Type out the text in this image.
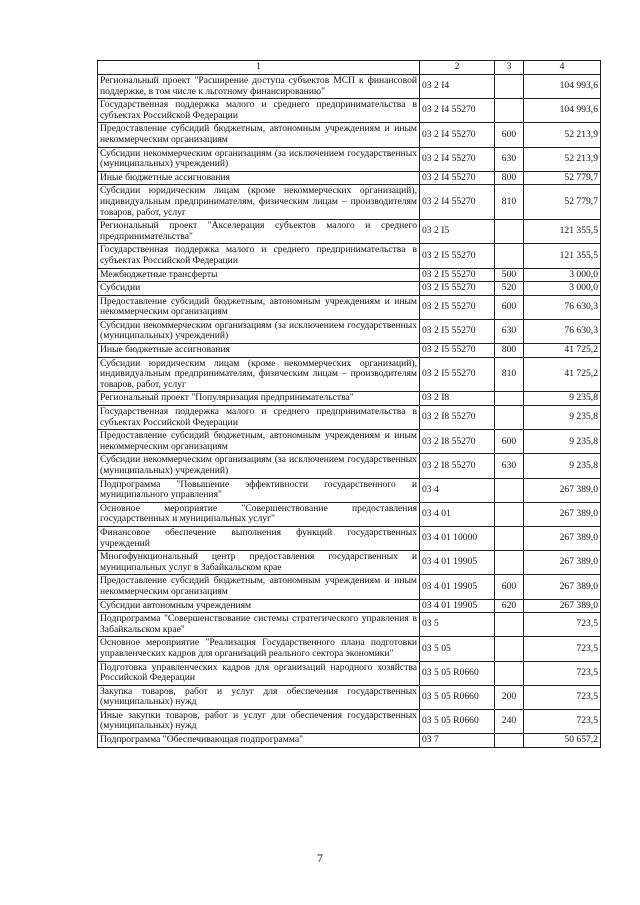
1	2	3	4
Региональный проект "Расширение доступа субъектов МСП к финансовой поддержке, в том числе к льготному финансированию"	03 2 I4		104 993,6
Государственная поддержка малого и среднего предпринимательства в субъектах Российской Федерации	03 2 I4 55270		104 993,6
Предоставление субсидий бюджетным, автономным учреждениям и иным некоммерческим организациям	03 2 I4 55270	600	52 213,9
Субсидии некоммерческим организациям (за исключением государственных (муниципальных) учреждений)	03 2 I4 55270	630	52 213,9
Иные бюджетные ассигнования	03 2 I4 55270	800	52 779,7
Субсидии юридическим лицам (кроме некоммерческих организаций), индивидуальным предпринимателям, физическим лицам – производителям товаров, работ, услуг	03 2 I4 55270	810	52 779,7
Региональный проект "Акселерация субъектов малого и среднего предпринимательства"	03 2 I5		121 355,5
Государственная поддержка малого и среднего предпринимательства в субъектах Российской Федерации	03 2 I5 55270		121 355,5
Межбюджетные трансферты	03 2 I5 55270	500	3 000,0
Субсидии	03 2 I5 55270	520	3 000,0
Предоставление субсидий бюджетным, автономным учреждениям и иным некоммерческим организациям	03 2 I5 55270	600	76 630,3
Субсидии некоммерческим организациям (за исключением государственных (муниципальных) учреждений)	03 2 I5 55270	630	76 630,3
Иные бюджетные ассигнования	03 2 I5 55270	800	41 725,2
Субсидии юридическим лицам (кроме некоммерческих организаций), индивидуальным предпринимателям, физическим лицам – производителям товаров, работ, услуг	03 2 I5 55270	810	41 725,2
Региональный проект "Популяризация предпринимательства"	03 2 I8		9 235,8
Государственная поддержка малого и среднего предпринимательства в субъектах Российской Федерации	03 2 I8 55270		9 235,8
Предоставление субсидий бюджетным, автономным учреждениям и иным некоммерческим организациям	03 2 I8 55270	600	9 235,8
Субсидии некоммерческим организациям (за исключением государственных (муниципальных) учреждений)	03 2 I8 55270	630	9 235,8
Подпрограмма "Повышение эффективности государственного и муниципального управления"	03 4		267 389,0
Основное мероприятие "Совершенствование предоставления государственных и муниципальных услуг"	03 4 01		267 389,0
Финансовое обеспечение выполнения функций государственных учреждений	03 4 01 10000		267 389,0
Многофункциональный центр предоставления государственных и муниципальных услуг в Забайкальском крае	03 4 01 19905		267 389,0
Предоставление субсидий бюджетным, автономным учреждениям и иным некоммерческим организациям	03 4 01 19905	600	267 389,0
Субсидии автономным учреждениям	03 4 01 19905	620	267 389,0
Подпрограмма "Совершенствование системы стратегического управления в Забайкальском крае"	03 5		723,5
Основное мероприятие "Реализация Государственного плана подготовки управленческих кадров для организаций реального сектора экономики"	03 5 05		723,5
Подготовка управленческих кадров для организаций народного хозяйства Российской Федерации	03 5 05 R0660		723,5
Закупка товаров, работ и услуг для обеспечения государственных (муниципальных) нужд	03 5 05 R0660	200	723,5
Иные закупки товаров, работ и услуг для обеспечения государственных (муниципальных) нужд	03 5 05 R0660	240	723,5
Подпрограмма "Обеспечивающая подпрограмма"	03 7		50 657,2
7
